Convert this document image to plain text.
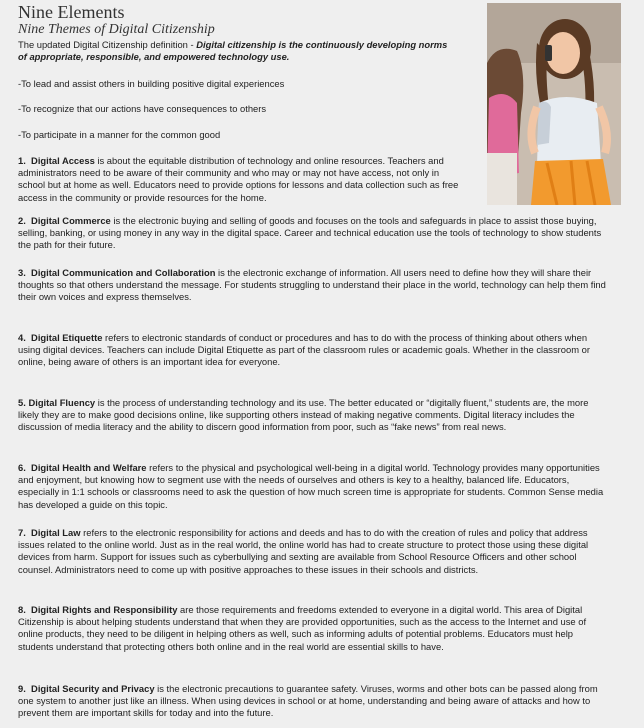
Nine Elements
Nine Themes of Digital Citizenship
The updated Digital Citizenship definition - Digital citizenship is the continuously developing norms of appropriate, responsible, and empowered technology use.
-To lead and assist others in building positive digital experiences
-To recognize that our actions have consequences to others
-To participate in a manner for the common good
1. Digital Access is about the equitable distribution of technology and online resources. Teachers and administrators need to be aware of their community and who may or may not have access, not only in school but at home as well. Educators need to provide options for lessons and data collection such as free access in the community or provide resources for the home.
2. Digital Commerce is the electronic buying and selling of goods and focuses on the tools and safeguards in place to assist those buying, selling, banking, or using money in any way in the digital space. Career and technical education use the tools of technology to show students the path for their future.
3. Digital Communication and Collaboration is the electronic exchange of information. All users need to define how they will share their thoughts so that others understand the message. For students struggling to understand their place in the world, technology can help them find their own voices and express themselves.
4. Digital Etiquette refers to electronic standards of conduct or procedures and has to do with the process of thinking about others when using digital devices. Teachers can include Digital Etiquette as part of the classroom rules or academic goals. Whether in the classroom or online, being aware of others is an important idea for everyone.
5. Digital Fluency is the process of understanding technology and its use. The better educated or “digitally fluent,” students are, the more likely they are to make good decisions online, like supporting others instead of making negative comments. Digital literacy includes the discussion of media literacy and the ability to discern good information from poor, such as “fake news” from real news.
6. Digital Health and Welfare refers to the physical and psychological well-being in a digital world. Technology provides many opportunities and enjoyment, but knowing how to segment use with the needs of ourselves and others is key to a healthy, balanced life. Educators, especially in 1:1 schools or classrooms need to ask the question of how much screen time is appropriate for students. Common Sense media has developed a guide on this topic.
7. Digital Law refers to the electronic responsibility for actions and deeds and has to do with the creation of rules and policy that address issues related to the online world. Just as in the real world, the online world has had to create structure to protect those using these digital devices from harm. Support for issues such as cyberbullying and sexting are available from School Resource Officers and other school counsel. Administrators need to come up with positive approaches to these issues in their schools and districts.
8. Digital Rights and Responsibility are those requirements and freedoms extended to everyone in a digital world. This area of Digital Citizenship is about helping students understand that when they are provided opportunities, such as the access to the Internet and use of online products, they need to be diligent in helping others as well, such as informing adults of potential problems. Educators must help students understand that protecting others both online and in the real world are essential skills to have.
9. Digital Security and Privacy is the electronic precautions to guarantee safety. Viruses, worms and other bots can be passed along from one system to another just like an illness. When using devices in school or at home, understanding and being aware of attacks and how to prevent them are important skills for today and into the future.
